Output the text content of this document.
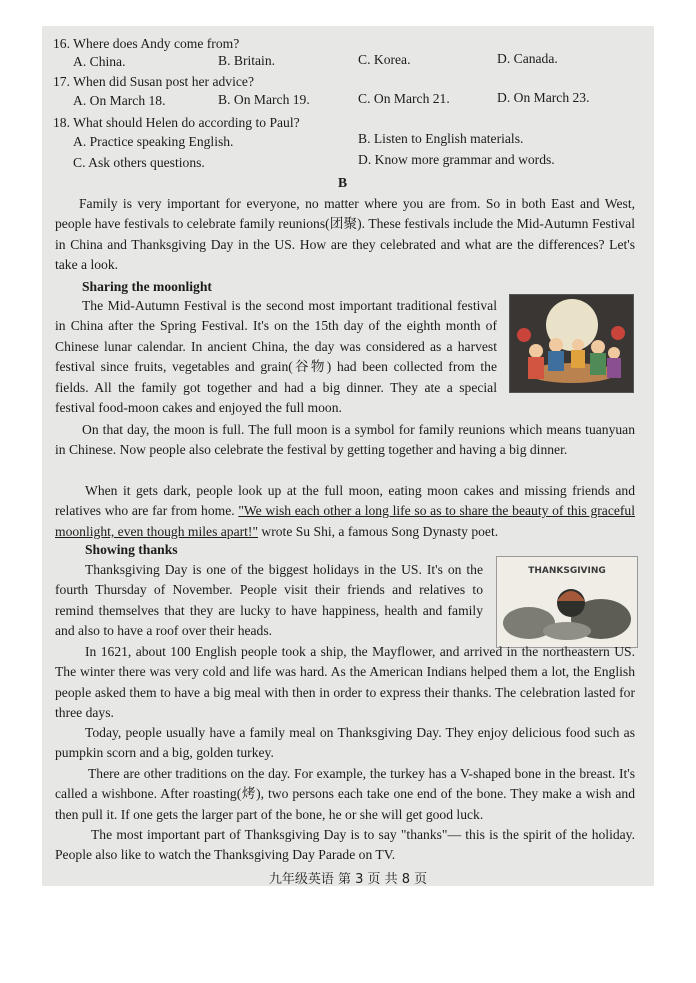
16. Where does Andy come from?
A. China.	B. Britain.	C. Korea.	D. Canada.
17. When did Susan post her advice?
A. On March 18.	B. On March 19.	C. On March 21.	D. On March 23.
18. What should Helen do according to Paul?
A. Practice speaking English.	B. Listen to English materials.
C. Ask others questions.	D. Know more grammar and words.
B
Family is very important for everyone, no matter where you are from. So in both East and West, people have festivals to celebrate family reunions(团聚). These festivals include the Mid-Autumn Festival in China and Thanksgiving Day in the US. How are they celebrated and what are the differences? Let's take a look.
Sharing the moonlight
The Mid-Autumn Festival is the second most important traditional festival in China after the Spring Festival. It's on the 15th day of the eighth month of Chinese lunar calendar. In ancient China, the day was considered as a harvest festival since fruits, vegetables and grain(谷物) had been collected from the fields. All the family got together and had a big dinner. They ate a special festival food-moon cakes and enjoyed the full moon.
On that day, the moon is full. The full moon is a symbol for family reunions which means tuanyuan in Chinese. Now people also celebrate the festival by getting together and having a big dinner.
When it gets dark, people look up at the full moon, eating moon cakes and missing friends and relatives who are far from home. "We wish each other a long life so as to share the beauty of this graceful moonlight, even though miles apart!" wrote Su Shi, a famous Song Dynasty poet.
Showing thanks
THANKSGIVING
Thanksgiving Day is one of the biggest holidays in the US. It's on the fourth Thursday of November. People visit their friends and relatives to remind themselves that they are lucky to have happiness, health and family and also to have a roof over their heads.
In 1621, about 100 English people took a ship, the Mayflower, and arrived in the northeastern US. The winter there was very cold and life was hard. As the American Indians helped them a lot, the English people asked them to have a big meal with then in order to express their thanks. The celebration lasted for three days.
Today, people usually have a family meal on Thanksgiving Day. They enjoy delicious food such as pumpkin scorn and a big, golden turkey.
There are other traditions on the day. For example, the turkey has a V-shaped bone in the breast. It's called a wishbone. After roasting(烤), two persons each take one end of the bone. They make a wish and then pull it. If one gets the larger part of the bone, he or she will get good luck.
The most important part of Thanksgiving Day is to say "thanks"— this is the spirit of the holiday. People also like to watch the Thanksgiving Day Parade on TV.
九年级英语 第 3 页 共 8 页
